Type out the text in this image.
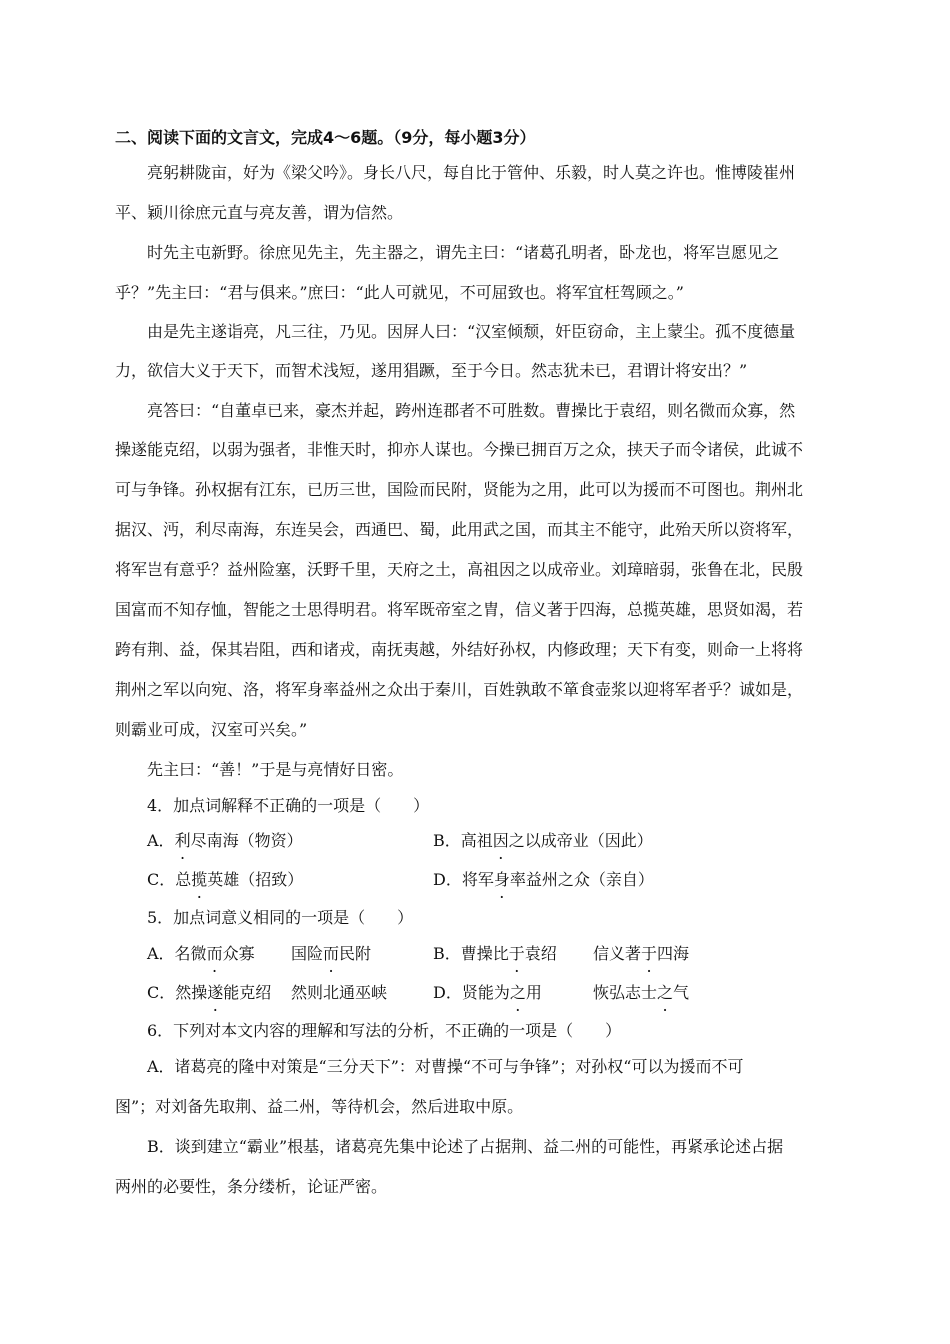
二、阅读下面的文言文，完成4～6题。（9分，每小题3分）
亮躬耕陇亩，好为《梁父吟》。身长八尺，每自比于管仲、乐毅，时人莫之许也。惟博陵崔州
平、颖川徐庶元直与亮友善，谓为信然。
时先主屯新野。徐庶见先主，先主器之，谓先主曰：“诸葛孔明者，卧龙也，将军岂愿见之
乎？”先主曰：“君与俱来。”庶曰：“此人可就见，不可屈致也。将军宜枉驾顾之。”
由是先主遂诣亮，凡三往，乃见。因屏人曰：“汉室倾颓，奸臣窃命，主上蒙尘。孤不度德量
力，欲信大义于天下，而智术浅短，遂用猖蹶，至于今日。然志犹未已，君谓计将安出？”
亮答曰：“自董卓已来，豪杰并起，跨州连郡者不可胜数。曹操比于袁绍，则名微而众寡，然
操遂能克绍，以弱为强者，非惟天时，抑亦人谋也。今操已拥百万之众，挟天子而令诸侯，此诚不
可与争锋。孙权据有江东，已历三世，国险而民附，贤能为之用，此可以为援而不可图也。荆州北
据汉、沔，利尽南海，东连吴会，西通巴、蜀，此用武之国，而其主不能守，此殆天所以资将军，
将军岂有意乎？益州险塞，沃野千里，天府之土，高祖因之以成帝业。刘璋暗弱，张鲁在北，民殷
国富而不知存恤，智能之士思得明君。将军既帝室之胄，信义著于四海，总揽英雄，思贤如渴，若
跨有荆、益，保其岩阻，西和诸戎，南抚夷越，外结好孙权，内修政理；天下有变，则命一上将将
荆州之军以向宛、洛，将军身率益州之众出于秦川，百姓孰敢不箪食壶浆以迎将军者乎？诚如是，
则霸业可成，汉室可兴矣。”
先主曰：“善！”于是与亮情好日密。
4．加点词解释不正确的一项是（　　）
A．利尽南海（物资）	B．高祖因之以成帝业（因此）
C．总揽英雄（招致）	D．将军身率益州之众（亲自）
5．加点词意义相同的一项是（　　）
A．名微而众寡 国险而民附	B．曹操比于袁绍 信义著于四海
C．然操遂能克绍 然则北通巫峡	D．贤能为之用	恢弘志士之气
6．下列对本文内容的理解和写法的分析，不正确的一项是（　　）
A．诸葛亮的隆中对策是“三分天下”：对曹操“不可与争锋”；对孙权“可以为援而不可
图”；对刘备先取荆、益二州，等待机会，然后进取中原。
B．谈到建立“霸业”根基，诸葛亮先集中论述了占据荆、益二州的可能性，再紧承论述占据
两州的必要性，条分缕析，论证严密。
